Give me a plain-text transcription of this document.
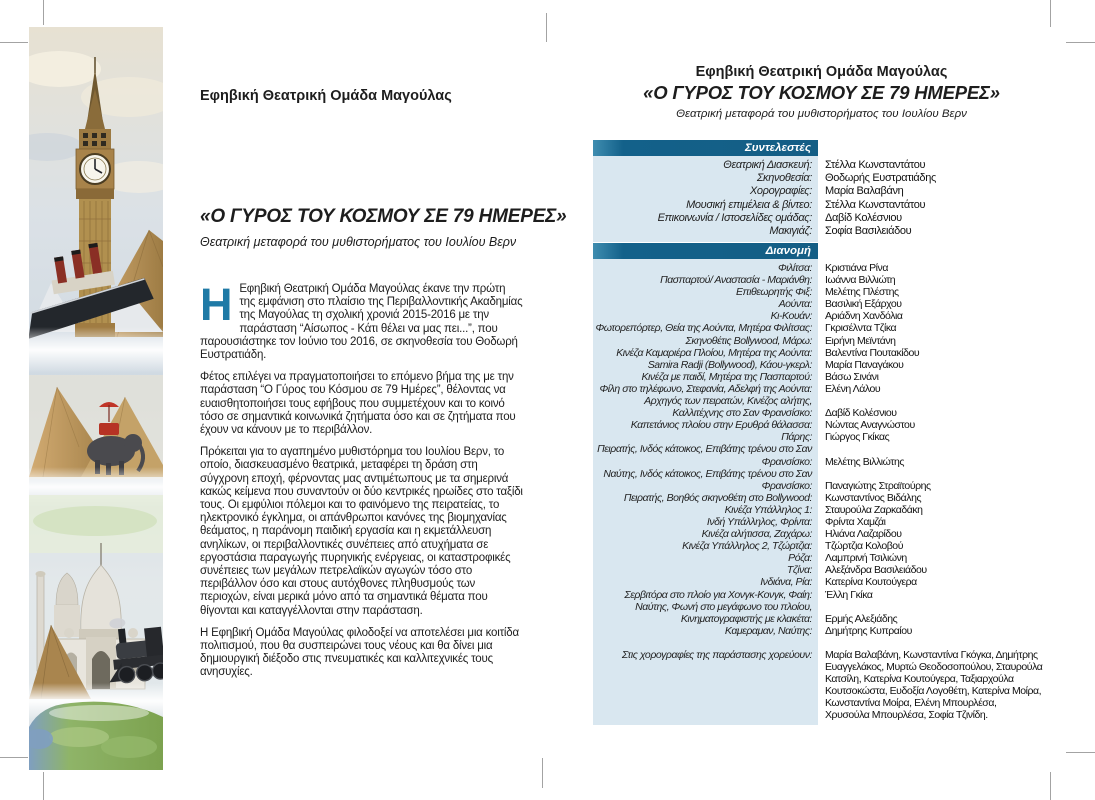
Εφηβική Θεατρική Ομάδα Μαγούλας
«Ο ΓΥΡΟΣ ΤΟΥ ΚΟΣΜΟΥ ΣΕ 79 ΗΜΕΡΕΣ»
Θεατρική μεταφορά του μυθιστορήματος του Ιουλίου Βερν

Η Εφηβική Θεατρική Ομάδα Μαγούλας έκανε την πρώτη της εμφάνιση στο πλαίσιο της Περιβαλλοντικής Ακαδημίας της Μαγούλας τη σχολική χρονιά 2015-2016 με την παράσταση “Αίσωπος - Κάτι θέλει να μας πει...”, που παρουσιάστηκε τον Ιούνιο του 2016, σε σκηνοθεσία του Θοδωρή Ευστρατιάδη.

Φέτος επιλέγει να πραγματοποιήσει το επόμενο βήμα της με την παράσταση “Ο Γύρος του Κόσμου σε 79 Ημέρες”, θέλοντας να ευαισθητοποιήσει τους εφήβους που συμμετέχουν και το κοινό τόσο σε σημαντικά κοινωνικά ζητήματα όσο και σε ζητήματα που έχουν να κάνουν με το περιβάλλον.

Πρόκειται για το αγαπημένο μυθιστόρημα του Ιουλίου Βερν, το οποίο, διασκευασμένο θεατρικά, μεταφέρει τη δράση στη σύγχρονη εποχή, φέρνοντας μας αντιμέτωπους με τα σημερινά κακώς κείμενα που συναντούν οι δύο κεντρικές ηρωίδες στο ταξίδι τους. Οι εμφύλιοι πόλεμοι και το φαινόμενο της πειρατείας, το ηλεκτρονικό έγκλημα, οι απάνθρωποι κανόνες της βιομηχανίας θεάματος, η παράνομη παιδική εργασία και η εκμετάλλευση ανηλίκων, οι περιβαλλοντικές συνέπειες από ατυχήματα σε εργοστάσια παραγωγής πυρηνικής ενέργειας, οι καταστροφικές συνέπειες των μεγάλων πετρελαϊκών αγωγών τόσο στο περιβάλλον όσο και στους αυτόχθονες πληθυσμούς των περιοχών, είναι μερικά μόνο από τα σημαντικά θέματα που θίγονται και καταγγέλλονται στην παράσταση.

Η Εφηβική Ομάδα Μαγούλας φιλοδοξεί να αποτελέσει μια κοιτίδα πολιτισμού, που θα συσπειρώνει τους νέους και θα δίνει μια δημιουργική διέξοδο στις πνευματικές και καλλιτεχνικές τους ανησυχίες.

Εφηβική Θεατρική Ομάδα Μαγούλας
«Ο ΓΥΡΟΣ ΤΟΥ ΚΟΣΜΟΥ ΣΕ 79 ΗΜΕΡΕΣ»
Θεατρική μεταφορά του μυθιστορήματος του Ιουλίου Βερν
Συντελεστές
Θεατρική Διασκευή:	Στέλλα Κωνσταντάτου
Σκηνοθεσία:	Θοδωρής Ευστρατιάδης
Χορογραφίες:	Μαρία Βαλαβάνη
Μουσική επιμέλεια & βίντεο:	Στέλλα Κωνσταντάτου
Επικοινωνία / Ιστοσελίδες ομάδας:	Δαβίδ Κολέσνιου
Μακιγιάζ:	Σοφία Βασιλειάδου
Διανομή
Φιλίτσα:	Κριστιάνα Ρίνα
Πασπαρτού/ Αναστασία - Μαριάνθη:	Ιωάννα Βιλλιώτη
Επιθεωρητής Φιξ:	Μελέτης Πλέστης
Αούντα:	Βασιλική Εξάρχου
Κι-Κουάν:	Αριάδνη Χανδόλια
Φωτορεπόρτερ, Θεία της Αούντα, Μητέρα Φιλίτσας:	Γκρισέλντα Τζίκα
Σκηνοθέτις Bollywood, Μάρω:	Ειρήνη Μεϊντάνη
Κινέζα Καμαριέρα Πλοίου, Μητέρα της Αούντα:	Βαλεντίνα Πουτακίδου
Samira Radji (Bollywood), Κάου-γκερλ:	Μαρία Παναγάκου
Κινέζα με παιδί, Μητέρα της Πασπαρτού:	Βάσω Σινάνι
Φίλη στο τηλέφωνο, Στεφανία, Αδελφή της Αούντα:	Ελένη Λάλου
Αρχηγός των πειρατών, Κινέζος αλήτης, Καλλιτέχνης στο Σαν Φρανσίσκο:	Δαβίδ Κολέσνιου
Καπετάνιος πλοίου στην Ερυθρά θάλασσα:	Νώντας Αναγνώστου
Πάρης:	Γιώργος Γκίκας
Πειρατής, Ινδός κάτοικος, Επιβάτης τρένου στο Σαν Φρανσίσκο:	Μελέτης Βιλλιώτης
Ναύτης, Ινδός κάτοικος, Επιβάτης τρένου στο Σαν Φρανσίσκο:	Παναγιώτης Στραϊτούρης
Πειρατής, Βοηθός σκηνοθέτη στο Bollywood:	Κωνσταντίνος Βιδάλης
Κινέζα Υπάλληλος 1:	Σταυρούλα Ζαρκαδάκη
Ινδή Υπάλληλος, Φρίντα:	Φρίντα Χαμζάι
Κινέζα αλήτισσα, Ζαχάρω:	Ηλιάνα Λαζαρίδου
Κινέζα Υπάλληλος 2, Τζώρτζια:	Τζώρτζια Κολοβού
Ρόζα:	Λαμπρινή Τσιλιώνη
Τζίνα:	Αλεξάνδρα Βασιλειάδου
Ινδιάνα, Ρία:	Κατερίνα Κουτούγερα
Σερβιτόρα στο πλοίο για Χονγκ-Κονγκ, Φαίη:	Έλλη Γκίκα
Ναύτης, Φωνή στο μεγάφωνο του πλοίου, Κινηματογραφιστής με κλακέτα:	Ερμής Αλεξιάδης
Καμεραμαν, Ναύτης:	Δημήτρης Κυπραίου
Στις χορογραφίες της παράστασης χορεύουν:	Μαρία Βαλαβάνη, Κωνσταντίνα Γκόγκα, Δημήτρης Ευαγγελάκος, Μυρτώ Θεοδοσοπούλου, Σταυρούλα Κατσίλη, Κατερίνα Κουτούγερα, Ταξιαρχούλα Κουτσοκώστα, Ευδοξία Λογοθέτη, Κατερίνα Μοίρα, Κωνσταντίνα Μοίρα, Ελένη Μπουρλέσα, Χρυσούλα Μπουρλέσα, Σοφία Τζινίδη.
